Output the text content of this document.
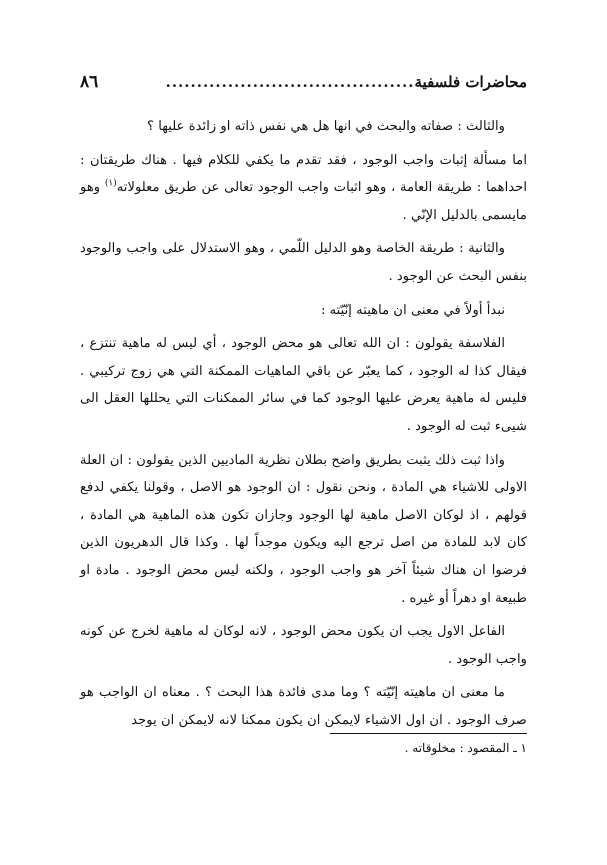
محاضرات فلسفية
........................................
٨٦

والثالث : صفاته والبحث في انها هل هي نفس ذاته او زائدة عليها ؟

اما مسألة إثبات واجب الوجود ، فقد تقدم ما يكفي للكلام فيها . هناك طريقتان : احداهما : طريقة العامة ، وهو اثبات واجب الوجود تعالى عن طريق معلولاته$^{(١)}$ وهو مايسمى بالدليل الإنّي .

والثانية : طريقة الخاصة وهو الدليل اللّمي ، وهو الاستدلال على واجب والوجود بنفس البحث عن الوجود .

نبدأ أولاً في معنى ان ماهيته إنّيّته :

الفلاسفة يقولون : ان الله تعالى هو محض الوجود ، أي ليس له ماهية تنتزع ، فيقال كذا له الوجود ، كما يعبّر عن باقي الماهيات الممكنة التي هي زوج تركيبي . فليس له ماهية يعرض عليها الوجود كما في سائر الممكنات التي يحللها العقل الى شيىء ثبت له الوجود .

واذا ثبت ذلك يثبت بطريق واضح بطلان نظرية الماديين الذين يقولون : ان العلة الاولى للاشياء هي المادة ، ونحن نقول : ان الوجود هو الاصل ، وقولنا يكفي لدفع قولهم ، اذ لوكان الاصل ماهية لها الوجود وجازان تكون هذه الماهية هي المادة ، كان لابد للمادة من اصل ترجع اليه ويكون موجداً لها . وكذا قال الدهريون الذين فرضوا ان هناك شيئاً آخر هو واجب الوجود ، ولكنه ليس محض الوجود . مادة او طبيعة او دهراً أو غيره .

الفاعل الاول يجب ان يكون محض الوجود ، لانه لوكان له ماهية لخرج عن كونه واجب الوجود .

ما معنى ان ماهيته إنّيّته ؟ وما مدى فائدة هذا البحث ؟ . معناه ان الواجب هو صرف الوجود . ان اول الاشياء لايمكن ان يكون ممكنا لانه لايمكن ان يوجد

١ ـ المقصود : مخلوقاته .
